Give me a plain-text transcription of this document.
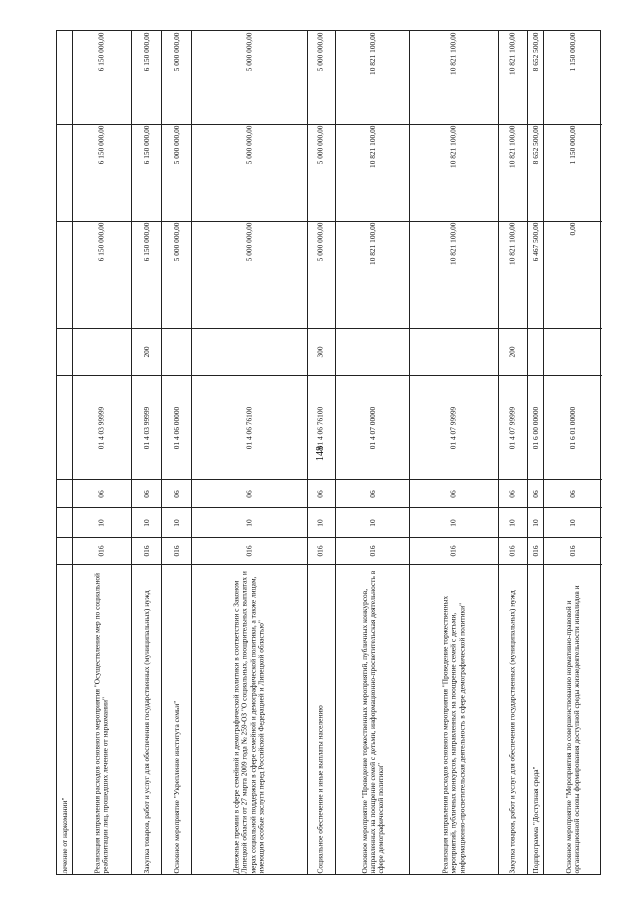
148
лечение от наркомании"
6 150 000,00
6 150 000,00
6 150 000,00
01 4 03 99999
06
10
016
Реализация направления расходов основного мероприятия "Осуществление мер по социальной реабилитации лиц, прошедших лечение от наркомании"
6 150 000,00
6 150 000,00
6 150 000,00
200
01 4 03 99999
06
10
016
Закупка товаров, работ и услуг для обеспечения государственных (муниципальных) нужд
5 000 000,00
5 000 000,00
5 000 000,00
01 4 06 00000
06
10
016
Основное мероприятие "Укрепление института семьи"
5 000 000,00
5 000 000,00
5 000 000,00
01 4 06 76100
06
10
016
Денежные премии в сфере семейной и демографической политики в соответствии с Законом Липецкой области от 27 марта 2009 года № 259-ОЗ "О социальных, поощрительных выплатах и мерах социальной поддержки в сфере семейной и демографической политики, а также лицам, имеющим особые заслуги перед Российской Федерацией и Липецкой областью"
5 000 000,00
5 000 000,00
5 000 000,00
300
01 4 06 76100
06
10
016
Социальное обеспечение и иные выплаты населению
10 821 100,00
10 821 100,00
10 821 100,00
01 4 07 00000
06
10
016
Основное мероприятие "Проведение торжественных мероприятий, публичных конкурсов, направленных на поощрение семей с детьми, информационно-просветительская деятельность в сфере демографической политики"
10 821 100,00
10 821 100,00
10 821 100,00
01 4 07 99999
06
10
016
Реализация направления расходов основного мероприятия "Проведение торжественных мероприятий, публичных конкурсов, направленных на поощрение семей с детьми, информационно-просветительская деятельность в сфере демографической политики"
10 821 100,00
10 821 100,00
10 821 100,00
200
01 4 07 99999
06
10
016
Закупка товаров, работ и услуг для обеспечения государственных (муниципальных) нужд
8 652 500,00
8 652 500,00
6 467 500,00
01 6 00 00000
06
10
016
Подпрограмма "Доступная среда"
1 150 000,00
1 150 000,00
0,00
01 6 01 00000
06
10
016
Основное мероприятие "Мероприятия по совершенствованию нормативно-правовой и организационной основы формирования доступной среды жизнедеятельности инвалидов и
